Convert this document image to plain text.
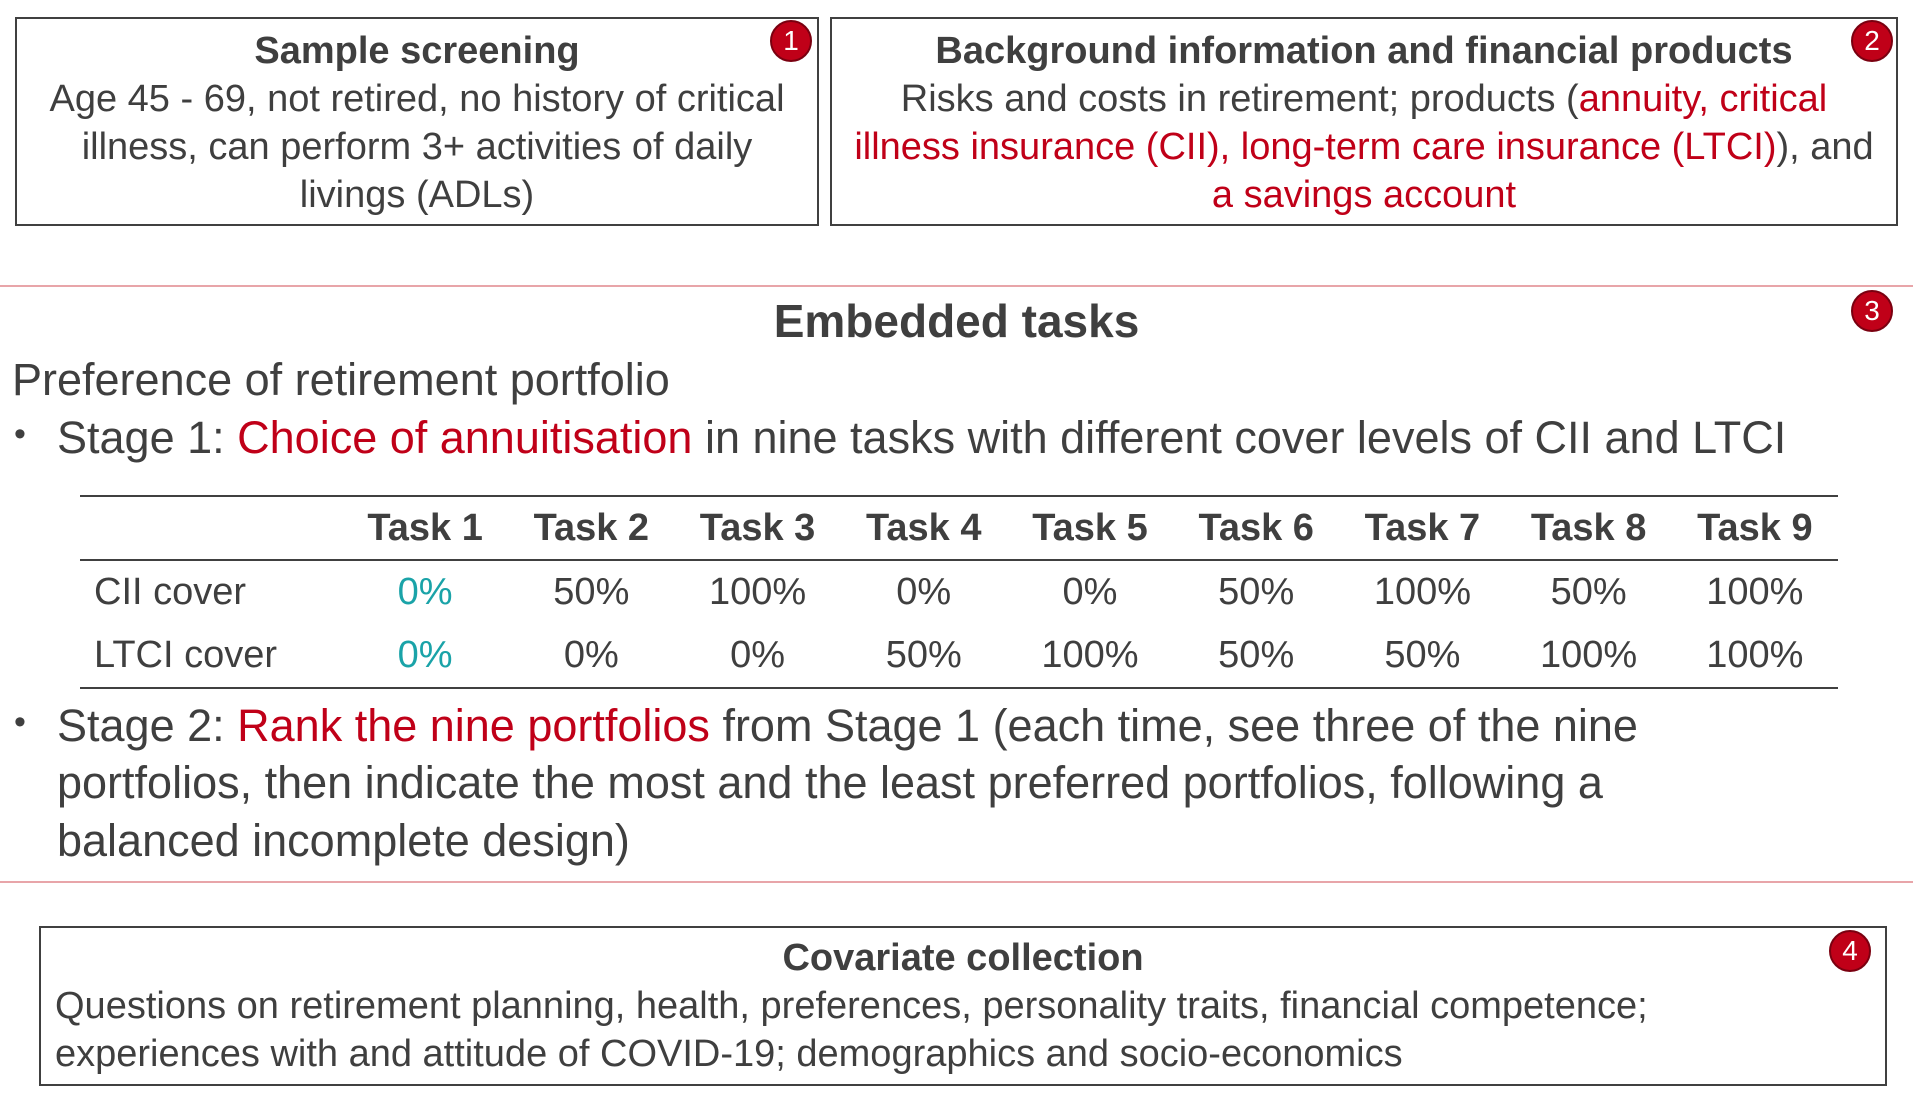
Sample screening
Age 45 - 69, not retired, no history of critical illness, can perform 3+ activities of daily livings (ADLs)
1	Background information and financial products
Risks and costs in retirement; products (annuity, critical illness insurance (CII), long-term care insurance (LTCI)), and a savings account
2
Embedded tasks	3
Preference of retirement portfolio
• Stage 1: Choice of annuitisation in nine tasks with different cover levels of CII and LTCI
	Task 1	Task 2	Task 3	Task 4	Task 5	Task 6	Task 7	Task 8	Task 9
CII cover	0%	50%	100%	0%	0%	50%	100%	50%	100%
LTCI cover	0%	0%	0%	50%	100%	50%	50%	100%	100%
• Stage 2: Rank the nine portfolios from Stage 1 (each time, see three of the nine
portfolios, then indicate the most and the least preferred portfolios, following a
balanced incomplete design)
Covariate collection
Questions on retirement planning, health, preferences, personality traits, financial competence;
experiences with and attitude of COVID-19; demographics and socio-economics
4
